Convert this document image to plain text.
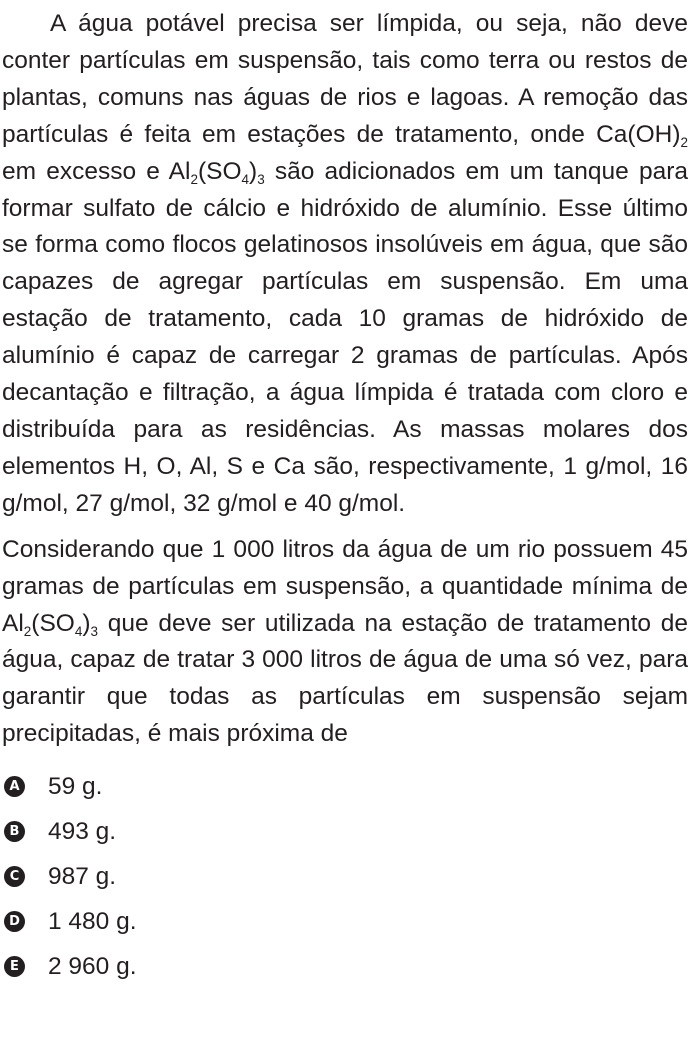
A água potável precisa ser límpida, ou seja, não deve conter partículas em suspensão, tais como terra ou restos de plantas, comuns nas águas de rios e lagoas. A remoção das partículas é feita em estações de tratamento, onde $Ca(OH)_2$ em excesso e $Al_2(SO_4)_3$ são adicionados em um tanque para formar sulfato de cálcio e hidróxido de alumínio. Esse último se forma como flocos gelatinosos insolúveis em água, que são capazes de agregar partículas em suspensão. Em uma estação de tratamento, cada 10 gramas de hidróxido de alumínio é capaz de carregar 2 gramas de partículas. Após decantação e filtração, a água límpida é tratada com cloro e distribuída para as residências. As massas molares dos elementos H, O, Al, S e Ca são, respectivamente, 1 g/mol, 16 g/mol, 27 g/mol, 32 g/mol e 40 g/mol.

Considerando que 1 000 litros da água de um rio possuem 45 gramas de partículas em suspensão, a quantidade mínima de $Al_2(SO_4)_3$ que deve ser utilizada na estação de tratamento de água, capaz de tratar 3 000 litros de água de uma só vez, para garantir que todas as partículas em suspensão sejam precipitadas, é mais próxima de

A 59 g.
B 493 g.
C 987 g.
D 1 480 g.
E 2 960 g.
